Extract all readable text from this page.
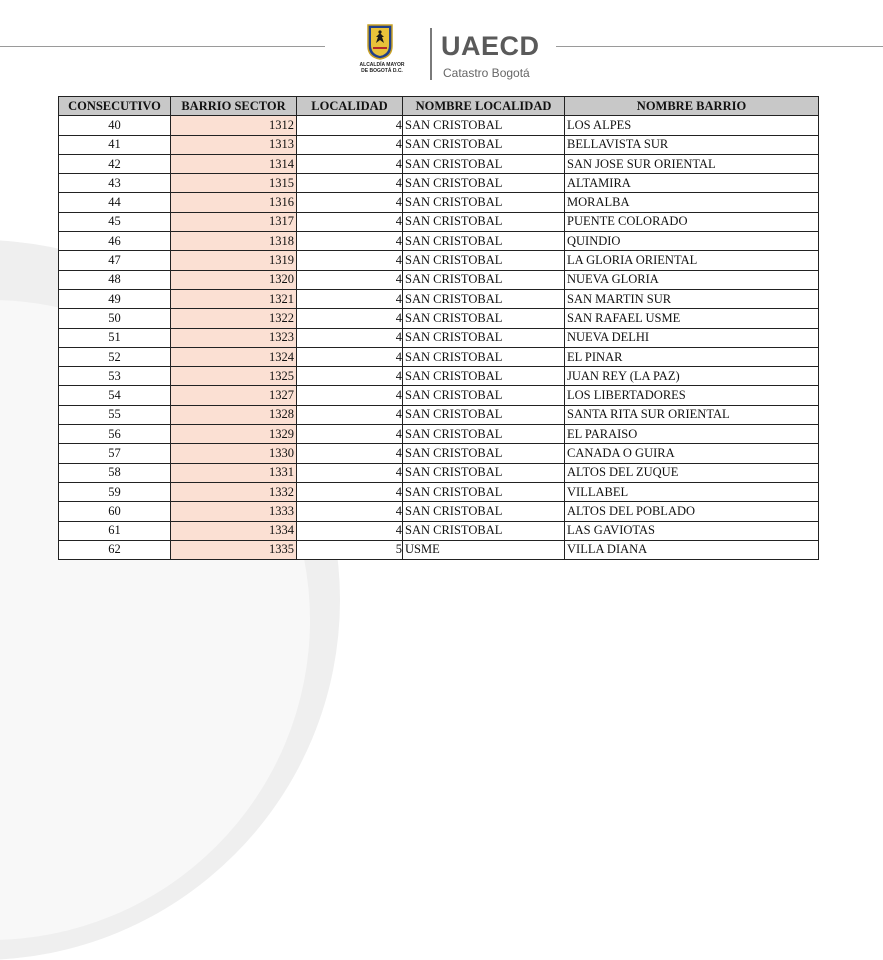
ALCALDÍA MAYOR
DE BOGOTÁ D.C.
UAECD
Catastro Bogotá
CONSECUTIVO	BARRIO SECTOR	LOCALIDAD	NOMBRE LOCALIDAD	NOMBRE BARRIO
40	1312	4	SAN CRISTOBAL	LOS ALPES
41	1313	4	SAN CRISTOBAL	BELLAVISTA SUR
42	1314	4	SAN CRISTOBAL	SAN JOSE SUR ORIENTAL
43	1315	4	SAN CRISTOBAL	ALTAMIRA
44	1316	4	SAN CRISTOBAL	MORALBA
45	1317	4	SAN CRISTOBAL	PUENTE COLORADO
46	1318	4	SAN CRISTOBAL	QUINDIO
47	1319	4	SAN CRISTOBAL	LA GLORIA ORIENTAL
48	1320	4	SAN CRISTOBAL	NUEVA GLORIA
49	1321	4	SAN CRISTOBAL	SAN MARTIN SUR
50	1322	4	SAN CRISTOBAL	SAN RAFAEL USME
51	1323	4	SAN CRISTOBAL	NUEVA DELHI
52	1324	4	SAN CRISTOBAL	EL PINAR
53	1325	4	SAN CRISTOBAL	JUAN REY (LA PAZ)
54	1327	4	SAN CRISTOBAL	LOS LIBERTADORES
55	1328	4	SAN CRISTOBAL	SANTA RITA SUR ORIENTAL
56	1329	4	SAN CRISTOBAL	EL PARAISO
57	1330	4	SAN CRISTOBAL	CANADA O GUIRA
58	1331	4	SAN CRISTOBAL	ALTOS DEL ZUQUE
59	1332	4	SAN CRISTOBAL	VILLABEL
60	1333	4	SAN CRISTOBAL	ALTOS DEL POBLADO
61	1334	4	SAN CRISTOBAL	LAS GAVIOTAS
62	1335	5	USME	VILLA DIANA
